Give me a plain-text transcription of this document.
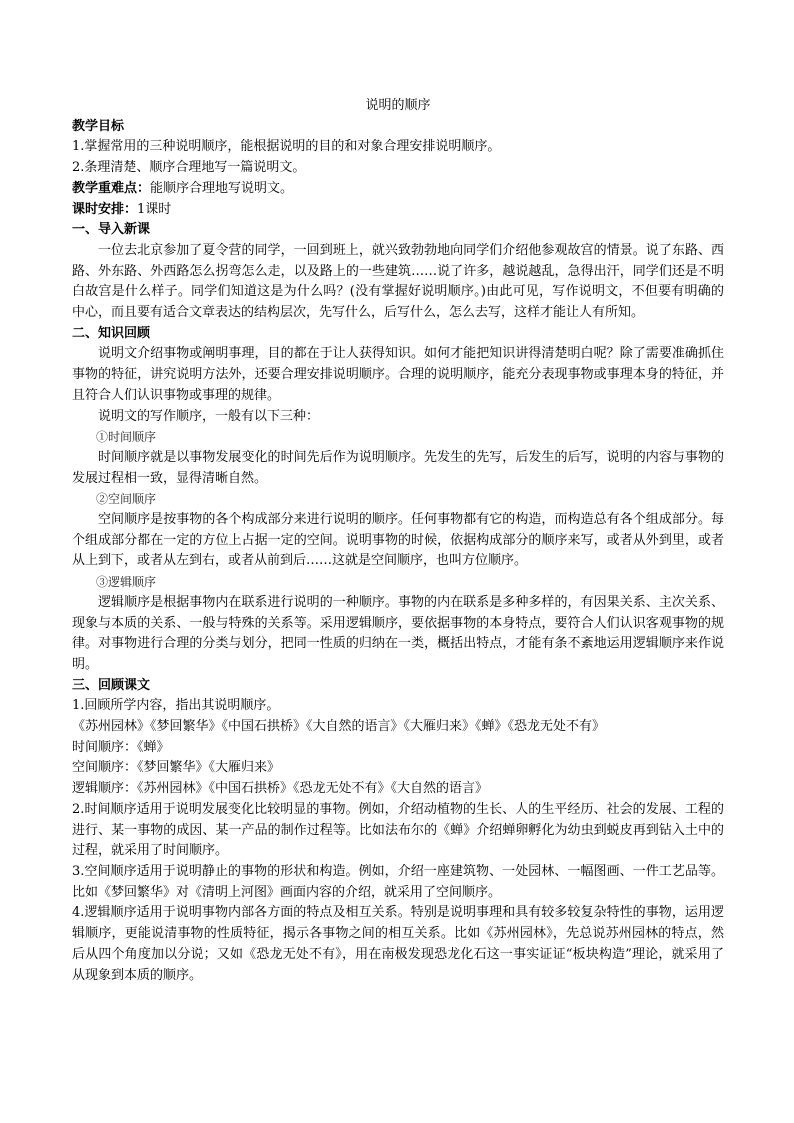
说明的顺序
教学目标
1.掌握常用的三种说明顺序，能根据说明的目的和对象合理安排说明顺序。
2.条理清楚、顺序合理地写一篇说明文。
教学重难点：能顺序合理地写说明文。
课时安排：1课时
一、导入新课

一位去北京参加了夏令营的同学，一回到班上，就兴致勃勃地向同学们介绍他参观故宫的情景。说了东路、西路、外东路、外西路怎么拐弯怎么走，以及路上的一些建筑……说了许多，越说越乱，急得出汗，同学们还是不明白故宫是什么样子。同学们知道这是为什么吗？(没有掌握好说明顺序。)由此可见，写作说明文，不但要有明确的中心，而且要有适合文章表达的结构层次，先写什么，后写什么，怎么去写，这样才能让人有所知。

二、知识回顾

说明文介绍事物或阐明事理，目的都在于让人获得知识。如何才能把知识讲得清楚明白呢？除了需要准确抓住事物的特征，讲究说明方法外，还要合理安排说明顺序。合理的说明顺序，能充分表现事物或事理本身的特征，并且符合人们认识事物或事理的规律。

说明文的写作顺序，一般有以下三种：

①时间顺序

时间顺序就是以事物发展变化的时间先后作为说明顺序。先发生的先写，后发生的后写，说明的内容与事物的发展过程相一致，显得清晰自然。

②空间顺序

空间顺序是按事物的各个构成部分来进行说明的顺序。任何事物都有它的构造，而构造总有各个组成部分。每个组成部分都在一定的方位上占据一定的空间。说明事物的时候，依据构成部分的顺序来写，或者从外到里，或者从上到下，或者从左到右，或者从前到后……这就是空间顺序，也叫方位顺序。

③逻辑顺序

逻辑顺序是根据事物内在联系进行说明的一种顺序。事物的内在联系是多种多样的，有因果关系、主次关系、现象与本质的关系、一般与特殊的关系等。采用逻辑顺序，要依据事物的本身特点，要符合人们认识客观事物的规律。对事物进行合理的分类与划分，把同一性质的归纳在一类，概括出特点，才能有条不紊地运用逻辑顺序来作说明。

三、回顾课文

1.回顾所学内容，指出其说明顺序。

《苏州园林》《梦回繁华》《中国石拱桥》《大自然的语言》《大雁归来》《蝉》《恐龙无处不有》

时间顺序：《蝉》

空间顺序：《梦回繁华》《大雁归来》

逻辑顺序：《苏州园林》《中国石拱桥》《恐龙无处不有》《大自然的语言》

2.时间顺序适用于说明发展变化比较明显的事物。例如，介绍动植物的生长、人的生平经历、社会的发展、工程的进行、某一事物的成因、某一产品的制作过程等。比如法布尔的《蝉》介绍蝉卵孵化为幼虫到蜕皮再到钻入土中的过程，就采用了时间顺序。

3.空间顺序适用于说明静止的事物的形状和构造。例如，介绍一座建筑物、一处园林、一幅图画、一件工艺品等。比如《梦回繁华》对《清明上河图》画面内容的介绍，就采用了空间顺序。

4.逻辑顺序适用于说明事物内部各方面的特点及相互关系。特别是说明事理和具有较多较复杂特性的事物，运用逻辑顺序，更能说清事物的性质特征，揭示各事物之间的相互关系。比如《苏州园林》，先总说苏州园林的特点，然后从四个角度加以分说；又如《恐龙无处不有》，用在南极发现恐龙化石这一事实证证“板块构造”理论，就采用了从现象到本质的顺序。
